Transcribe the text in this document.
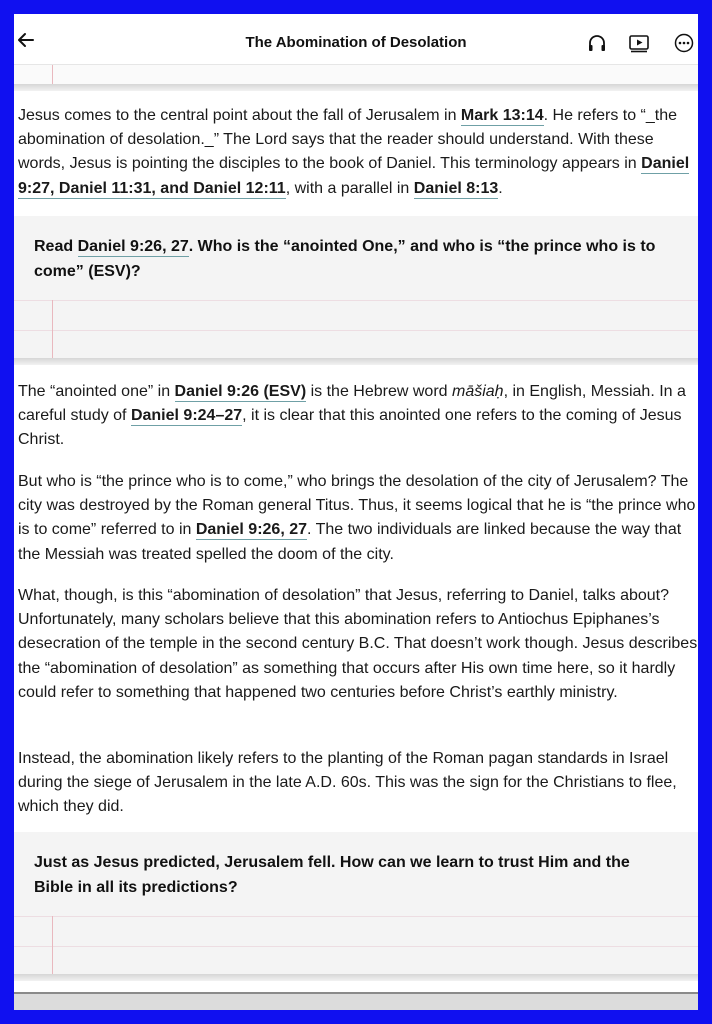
The Abomination of Desolation
Jesus comes to the central point about the fall of Jerusalem in Mark 13:14. He refers to “_the abomination of desolation._” The Lord says that the reader should understand. With these words, Jesus is pointing the disciples to the book of Daniel. This terminology appears in Daniel 9:27, Daniel 11:31, and Daniel 12:11, with a parallel in Daniel 8:13.
Read Daniel 9:26, 27. Who is the “anointed One,” and who is “the prince who is to come” (ESV)?
The “anointed one” in Daniel 9:26 (ESV) is the Hebrew word māšiaḥ, in English, Messiah. In a careful study of Daniel 9:24–27, it is clear that this anointed one refers to the coming of Jesus Christ.
But who is “the prince who is to come,” who brings the desolation of the city of Jerusalem? The city was destroyed by the Roman general Titus. Thus, it seems logical that he is “the prince who is to come” referred to in Daniel 9:26, 27. The two individuals are linked because the way that the Messiah was treated spelled the doom of the city.
What, though, is this “abomination of desolation” that Jesus, referring to Daniel, talks about? Unfortunately, many scholars believe that this abomination refers to Antiochus Epiphanes’s desecration of the temple in the second century B.C. That doesn’t work though. Jesus describes the “abomination of desolation” as something that occurs after His own time here, so it hardly could refer to something that happened two centuries before Christ’s earthly ministry.
Instead, the abomination likely refers to the planting of the Roman pagan standards in Israel during the siege of Jerusalem in the late A.D. 60s. This was the sign for the Christians to flee, which they did.
Just as Jesus predicted, Jerusalem fell. How can we learn to trust Him and the Bible in all its predictions?
